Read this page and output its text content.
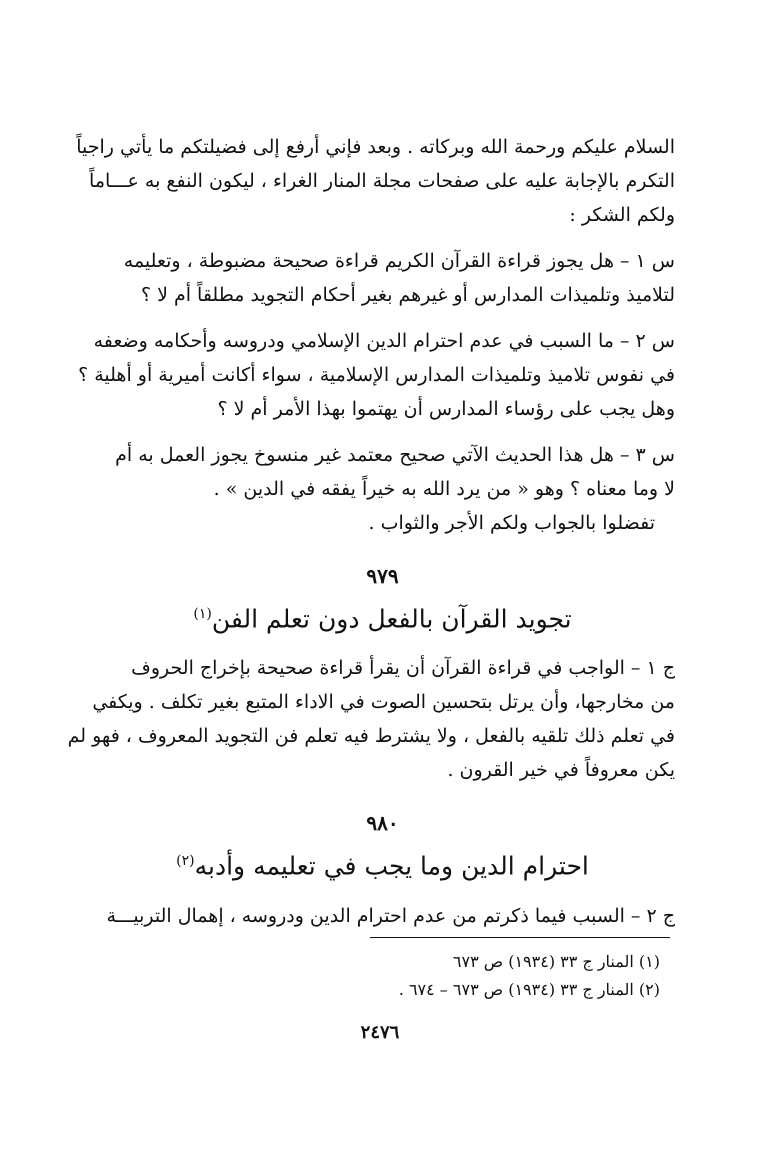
السلام عليكم ورحمة الله وبركاته . وبعد فإني أرفع إلى فضيلتكم ما يأتي راجياً
التكرم بالإجابة عليه على صفحات مجلة المنار الغراء ، ليكون النفع به عـــاماً
ولكم الشكر :
س ١ – هل يجوز قراءة القرآن الكريم قراءة صحيحة مضبوطة ، وتعليمه
لتلاميذ وتلميذات المدارس أو غيرهم بغير أحكام التجويد مطلقاً أم لا ؟
س ٢ – ما السبب في عدم احترام الدين الإسلامي ودروسه وأحكامه وضعفه
في نفوس تلاميذ وتلميذات المدارس الإسلامية ، سواء أكانت أميرية أو أهلية ؟
وهل يجب على رؤساء المدارس أن يهتموا بهذا الأمر أم لا ؟
س ٣ – هل هذا الحديث الآتي صحيح معتمد غير منسوخ يجوز العمل به أم
لا وما معناه ؟ وهو « من يرد الله به خيراً يفقه في الدين » .
تفضلوا بالجواب ولكم الأجر والثواب .
٩٧٩
تجويد القرآن بالفعل دون تعلم الفن$^{(١)}$
ج ١ – الواجب في قراءة القرآن أن يقرأ قراءة صحيحة بإخراج الحروف
من مخارجها، وأن يرتل بتحسين الصوت في الاداء المتبع بغير تكلف . ويكفي
في تعلم ذلك تلقيه بالفعل ، ولا يشترط فيه تعلم فن التجويد المعروف ، فهو لم
يكن معروفاً في خير القرون .
٩٨٠
احترام الدين وما يجب في تعليمه وأدبه$^{(٢)}$
ج ٢ – السبب فيما ذكرتم من عدم احترام الدين ودروسه ، إهمال التربيـــة
(١) المنار ج ٣٣ (١٩٣٤) ص ٦٧٣
(٢) المنار ج ٣٣ (١٩٣٤) ص ٦٧٣ – ٦٧٤ .
٢٤٧٦
